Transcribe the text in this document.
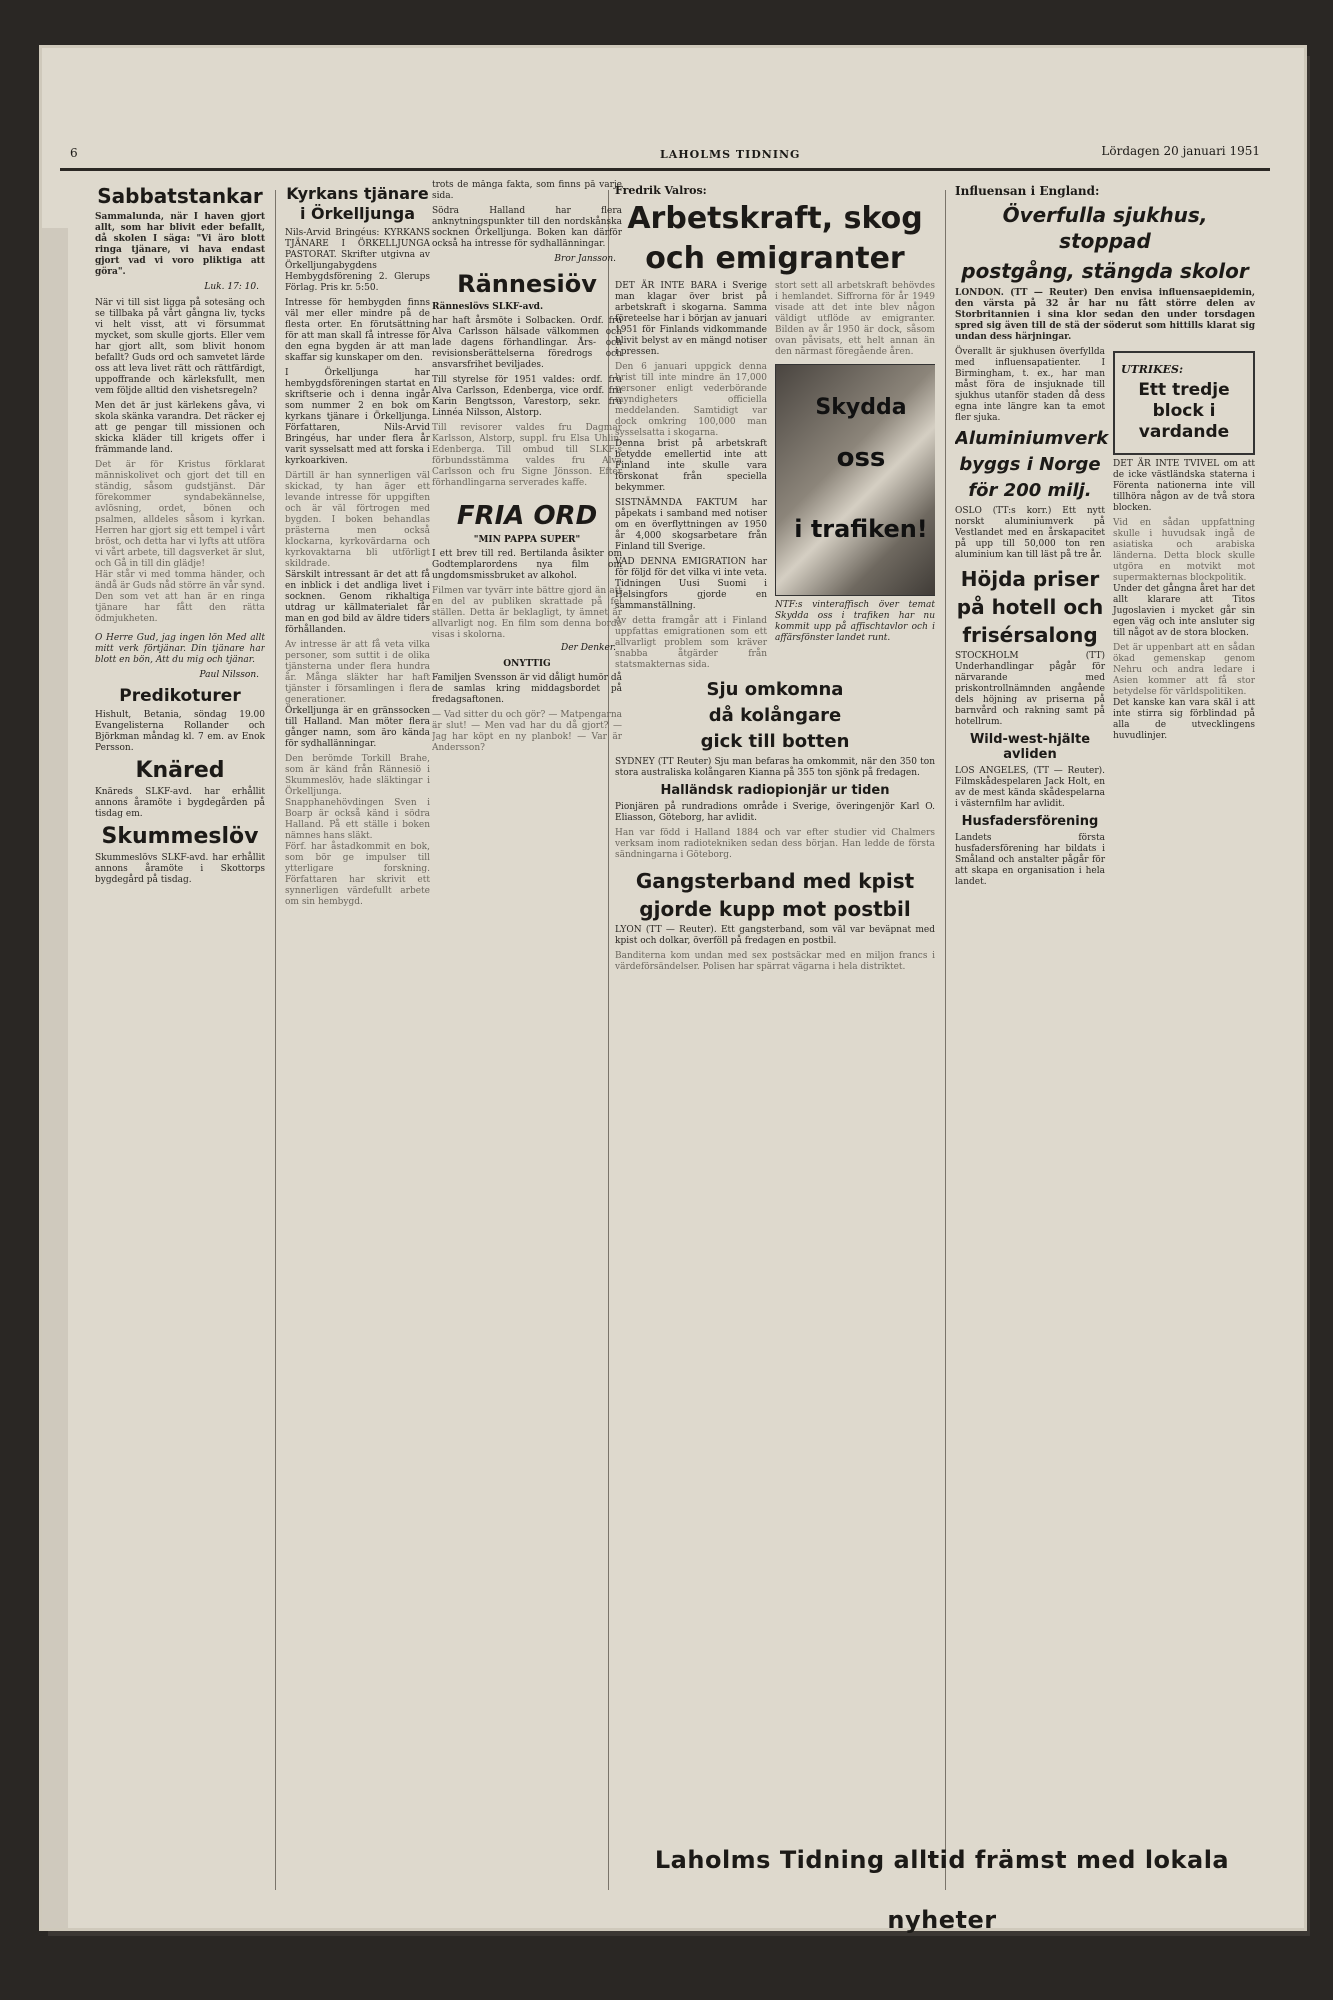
6	LAHOLMS TIDNING	Lördagen 20 januari 1951
Sabbatstankar

Sammalunda, när I haven gjort allt, som har blivit eder befallt, då skolen I säga: "Vi äro blott ringa tjänare, vi hava endast gjort vad vi voro pliktiga att göra".

Luk. 17: 10.

När vi till sist ligga på sotesäng och se tillbaka på vårt gångna liv, tycks vi helt visst, att vi försummat mycket, som skulle gjorts. Eller vem har gjort allt, som blivit honom befallt? Guds ord och samvetet lärde oss att leva livet rätt och rättfärdigt, uppoffrande och kärleksfullt, men vem följde alltid den vishetsregeln?

Men det är just kärlekens gåva, vi skola skänka varandra. Det räcker ej att ge pengar till missionen och skicka kläder till krigets offer i främmande land.

Det är för Kristus förklarat människolivet och gjort det till en ständig, såsom gudstjänst. Där förekommer syndabekännelse, avlösning, ordet, bönen och psalmen, alldeles såsom i kyrkan. Herren har gjort sig ett tempel i vårt bröst, och detta har vi lyfts att utföra vi vårt arbete, till dagsverket är slut, och Gå in till din glädje!

Här står vi med tomma händer, och ändå är Guds nåd större än vår synd. Den som vet att han är en ringa tjänare har fått den rätta ödmjukheten.

O Herre Gud, jag ingen lön Med allt mitt verk förtjänar. Din tjänare har blott en bön, Att du mig och tjänar.

Paul Nilsson.

Predikoturer

Hishult, Betania, söndag 19.00 Evangelisterna Rollander och Björkman måndag kl. 7 em. av Enok Persson.

Knäred

Knäreds SLKF-avd. har erhållit annons åramöte i bygdegården på tisdag em.

Skummeslöv

Skummeslövs SLKF-avd. har erhållit annons åramöte i Skottorps bygdegård på tisdag.

Kyrkans tjänare i Örkelljunga

Nils-Arvid Bringéus: KYRKANS TJÄNARE I ÖRKELLJUNGA PASTORAT. Skrifter utgivna av Örkelljungabygdens Hembygdsförening 2. Glerups Förlag. Pris kr. 5:50.

Intresse för hembygden finns väl mer eller mindre på de flesta orter. En förutsättning för att man skall få intresse för den egna bygden är att man skaffar sig kunskaper om den.

I Örkelljunga har hembygdsföreningen startat en skriftserie och i denna ingår som nummer 2 en bok om kyrkans tjänare i Örkelljunga. Författaren, Nils-Arvid Bringéus, har under flera år varit sysselsatt med att forska i kyrkoarkiven.

Därtill är han synnerligen väl skickad, ty han äger ett levande intresse för uppgiften och är väl förtrogen med bygden. I boken behandlas prästerna men också klockarna, kyrkovärdarna och kyrkovaktarna bli utförligt skildrade.

Särskilt intressant är det att få en inblick i det andliga livet i socknen. Genom rikhaltiga utdrag ur källmaterialet får man en god bild av äldre tiders förhållanden.

Av intresse är att få veta vilka personer, som suttit i de olika tjänsterna under flera hundra år. Många släkter har haft tjänster i församlingen i flera generationer.

Örkelljunga är en gränssocken till Halland. Man möter flera gånger namn, som äro kända för sydhallänningar.

Den berömde Torkill Brahe, som är känd från Rännesiö i Skummeslöv, hade släktingar i Örkelljunga. Snapphanehövdingen Sven i Boarp är också känd i södra Halland. På ett ställe i boken nämnes hans släkt.

Förf. har åstadkommit en bok, som bör ge impulser till ytterligare forskning. Författaren har skrivit ett synnerligen värdefullt arbete om sin hembygd.

trots de många fakta, som finns på varje sida.

Södra Halland har flera anknytningspunkter till den nordskånska socknen Örkelljunga. Boken kan därför också ha intresse för sydhallänningar.

Bror Jansson.

Rännesiöv

Ränneslövs SLKF-avd.

har haft årsmöte i Solbacken. Ordf. fru Alva Carlsson hälsade välkommen och lade dagens förhandlingar. Års- och revisionsberättelserna föredrogs och ansvarsfrihet beviljades.

Till styrelse för 1951 valdes: ordf. fru Alva Carlsson, Edenberga, vice ordf. fru Karin Bengtsson, Varestorp, sekr. fru Linnéa Nilsson, Alstorp.

Till revisorer valdes fru Dagmar Karlsson, Alstorp, suppl. fru Elsa Uhlin, Edenberga. Till ombud till SLKF:s förbundsstämma valdes fru Alva Carlsson och fru Signe Jönsson. Efter förhandlingarna serverades kaffe.

FRIA ORD

"MIN PAPPA SUPER"

I ett brev till red. Bertilanda åsikter om Godtemplarordens nya film om ungdomsmissbruket av alkohol.

Filmen var tyvärr inte bättre gjord än att en del av publiken skrattade på fel ställen. Detta är beklagligt, ty ämnet är allvarligt nog. En film som denna borde visas i skolorna.

Der Denker.

ONYTTIG

Familjen Svensson är vid dåligt humör då de samlas kring middagsbordet på fredagsaftonen.

— Vad sitter du och gör? — Matpengarna är slut! — Men vad har du då gjort? — Jag har köpt en ny planbok! — Var är Andersson?

Fredrik Valros:

Arbetskraft, skog
och emigranter

DET ÄR INTE BARA i Sverige man klagar över brist på arbetskraft i skogarna. Samma företeelse har i början av januari 1951 för Finlands vidkommande blivit belyst av en mängd notiser i pressen.

Den 6 januari uppgick denna brist till inte mindre än 17,000 personer enligt vederbörande myndigheters officiella meddelanden. Samtidigt var dock omkring 100,000 man sysselsatta i skogarna.

Denna brist på arbetskraft betydde emellertid inte att Finland inte skulle vara förskonat från speciella bekymmer.

SISTNÄMNDA FAKTUM har påpekats i samband med notiser om en överflyttningen av 1950 år 4,000 skogsarbetare från Finland till Sverige.

VAD DENNA EMIGRATION har för följd för det vilka vi inte veta. Tidningen Uusi Suomi i Helsingfors gjorde en sammanställning.

Av detta framgår att i Finland uppfattas emigrationen som ett allvarligt problem som kräver snabba åtgärder från statsmakternas sida.

stort sett all arbetskraft behövdes i hemlandet. Siffrorna för år 1949 visade att det inte blev någon väldigt utflöde av emigranter. Bilden av år 1950 är dock, såsom ovan påvisats, ett helt annan än den närmast föregående åren.

Skydda
oss
i trafiken!

NTF:s vinteraffisch över temat Skydda oss i trafiken har nu kommit upp på affischtavlor och i affärsfönster landet runt.

Sju omkomna
då kolångare
gick till botten

SYDNEY (TT Reuter) Sju man befaras ha omkommit, när den 350 ton stora australiska kolångaren Kianna på 355 ton sjönk på fredagen.

Halländsk radiopionjär ur tiden

Pionjären på rundradions område i Sverige, överingenjör Karl O. Eliasson, Göteborg, har avlidit.

Han var född i Halland 1884 och var efter studier vid Chalmers verksam inom radiotekniken sedan dess början. Han ledde de första sändningarna i Göteborg.

Gangsterband med kpist
gjorde kupp mot postbil

LYON (TT — Reuter). Ett gangsterband, som väl var beväpnat med kpist och dolkar, överföll på fredagen en postbil.

Banditerna kom undan med sex postsäckar med en miljon francs i värdeförsändelser. Polisen har spärrat vägarna i hela distriktet.

Influensan i England:

Överfulla sjukhus, stoppad
postgång, stängda skolor

LONDON. (TT — Reuter) Den envisa influensaepidemin, den värsta på 32 år har nu fått större delen av Storbritannien i sina klor sedan den under torsdagen spred sig även till de stä der söderut som hittills klarat sig undan dess härjningar.

Överallt är sjukhusen överfyllda med influensapatienter. I Birmingham, t. ex., har man måst föra de insjuknade till sjukhus utanför staden då dess egna inte längre kan ta emot fler sjuka.

Aluminiumverk
byggs i Norge
för 200 milj.

OSLO (TT:s korr.) Ett nytt norskt aluminiumverk på Vestlandet med en årskapacitet på upp till 50,000 ton ren aluminium kan till läst på tre år.

Höjda priser
på hotell och
frisérsalong

STOCKHOLM (TT) Underhandlingar pågår för närvarande med priskontrollnämnden angående dels höjning av priserna på barnvård och rakning samt på hotellrum.

Wild-west-hjälte avliden

LOS ANGELES, (TT — Reuter). Filmskådespelaren Jack Holt, en av de mest kända skådespelarna i västernfilm har avlidit.

Husfadersförening

Landets första husfadersförening har bildats i Småland och anstalter pågår för att skapa en organisation i hela landet.

UTRIKES:
Ett tredje block i vardande

DET ÄR INTE TVIVEL om att de icke västländska staterna i Förenta nationerna inte vill tillhöra någon av de två stora blocken.

Vid en sådan uppfattning skulle i huvudsak ingå de asiatiska och arabiska länderna. Detta block skulle utgöra en motvikt mot supermakternas blockpolitik.

Under det gångna året har det allt klarare att Titos Jugoslavien i mycket går sin egen väg och inte ansluter sig till något av de stora blocken.

Det är uppenbart att en sådan ökad gemenskap genom Nehru och andra ledare i Asien kommer att få stor betydelse för världspolitiken.

Det kanske kan vara skäl i att inte stirra sig förblindad på alla de utvecklingens huvudlinjer.

Laholms Tidning alltid främst med lokala nyheter
